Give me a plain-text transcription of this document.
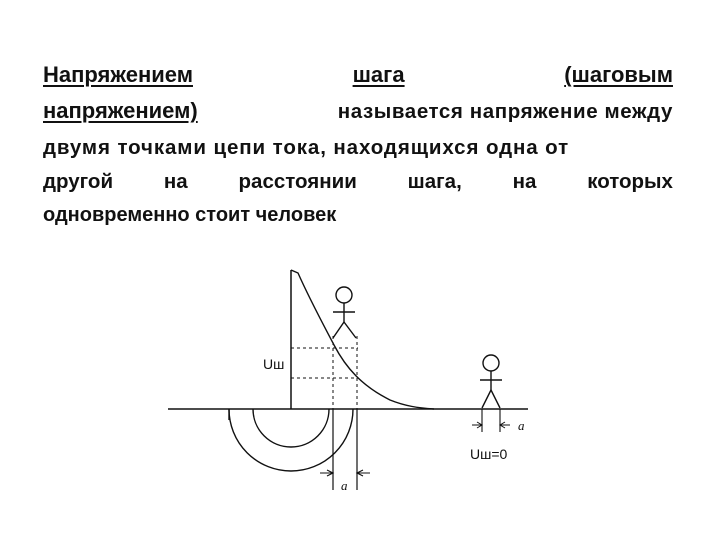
Напряжением	шага	(шаговым
напряжением)	называется напряжение между
двумя точками цепи тока, находящихся одна от
другой на расстоянии шага, на которых
одновременно стоит человек
Uш
a
a
Uш=0
